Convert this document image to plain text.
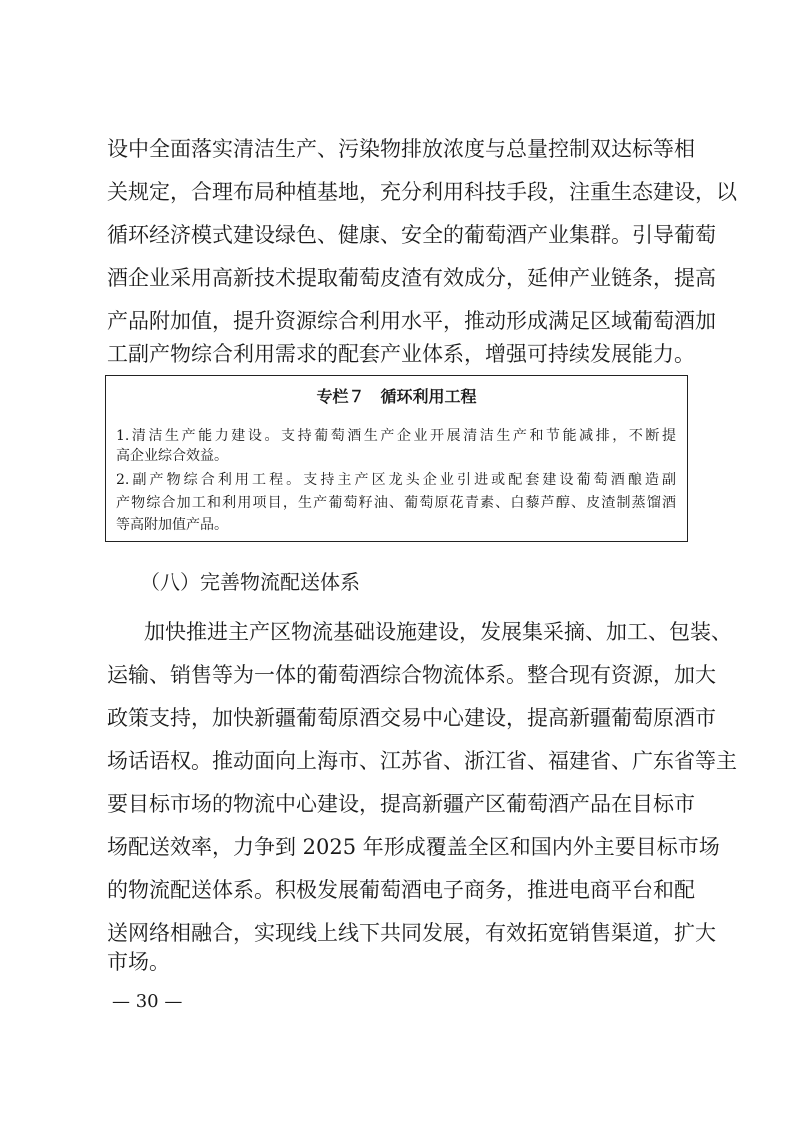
设中全面落实清洁生产、污染物排放浓度与总量控制双达标等相
关规定，合理布局种植基地，充分利用科技手段，注重生态建设，以
循环经济模式建设绿色、健康、安全的葡萄酒产业集群。引导葡萄
酒企业采用高新技术提取葡萄皮渣有效成分，延伸产业链条，提高
产品附加值，提升资源综合利用水平，推动形成满足区域葡萄酒加
工副产物综合利用需求的配套产业体系，增强可持续发展能力。
专栏７　循环利用工程
1.清洁生产能力建设。支持葡萄酒生产企业开展清洁生产和节能减排，不断提
高企业综合效益。
2.副产物综合利用工程。支持主产区龙头企业引进或配套建设葡萄酒酿造副
产物综合加工和利用项目，生产葡萄籽油、葡萄原花青素、白藜芦醇、皮渣制蒸馏酒
等高附加值产品。
（八）完善物流配送体系
加快推进主产区物流基础设施建设，发展集采摘、加工、包装、
运输、销售等为一体的葡萄酒综合物流体系。整合现有资源，加大
政策支持，加快新疆葡萄原酒交易中心建设，提高新疆葡萄原酒市
场话语权。推动面向上海市、江苏省、浙江省、福建省、广东省等主
要目标市场的物流中心建设，提高新疆产区葡萄酒产品在目标市
场配送效率，力争到 2025 年形成覆盖全区和国内外主要目标市场
的物流配送体系。积极发展葡萄酒电子商务，推进电商平台和配
送网络相融合，实现线上线下共同发展，有效拓宽销售渠道，扩大
市场。
— 30 —
